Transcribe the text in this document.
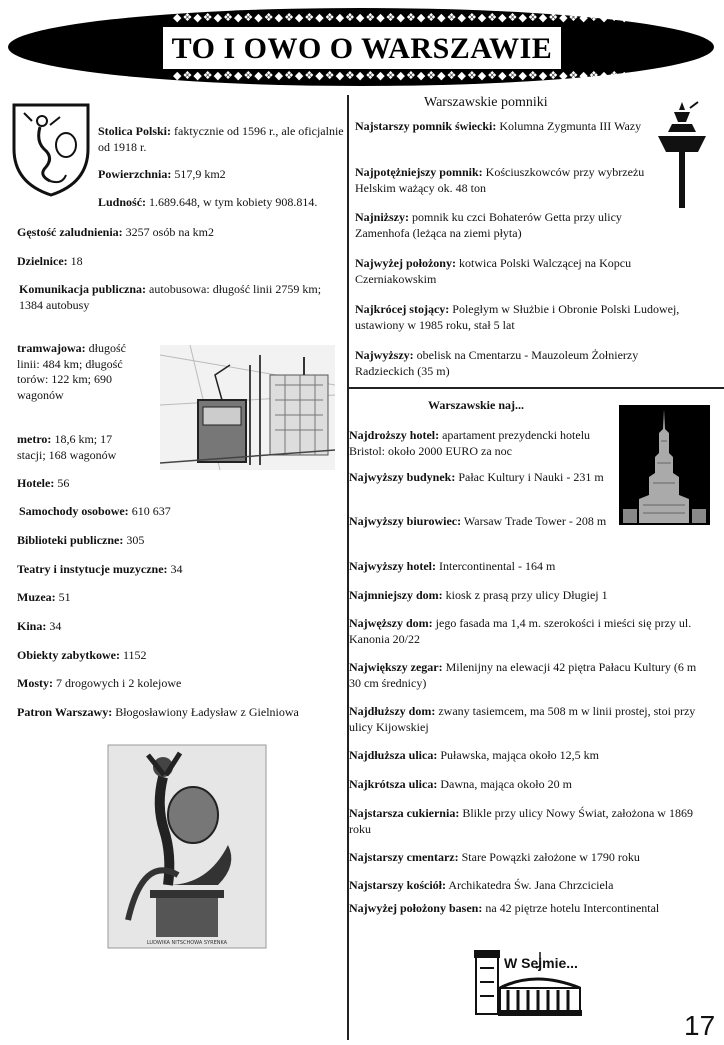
◆❖◆❖◆❖◆❖◆❖◆❖◆❖◆❖◆❖◆❖◆❖◆❖◆❖◆❖◆❖◆❖◆❖◆❖◆❖◆❖◆❖◆❖◆
◆❖◆❖◆❖◆❖◆❖◆❖◆❖◆❖◆❖◆❖◆❖◆❖◆❖◆❖◆❖◆❖◆❖◆❖◆❖◆❖◆❖◆❖◆
TO I OWO O WARSZAWIE

Stolica Polski: faktycznie od 1596 r., ale oficjalnie od 1918 r.

Powierzchnia: 517,9 km2

Ludność: 1.689.648, w tym kobiety 908.814.

Gęstość zaludnienia: 3257 osób na km2

Dzielnice: 18

Komunikacja publiczna: autobusowa: długość linii 2759 km; 1384 autobusy

tramwajowa: długość linii: 484 km; długość torów: 122 km; 690 wagonów

metro: 18,6 km; 17 stacji; 168 wagonów

Hotele: 56

Samochody osobowe: 610 637

Biblioteki publiczne: 305

Teatry i instytucje muzyczne: 34

Muzea: 51

Kina: 34

Obiekty zabytkowe: 1152

Mosty: 7 drogowych i 2 kolejowe

Patron Warszawy: Błogosławiony Ładysław z Gielniowa

LUDWIKA NITSCHOWA SYRENKA
Warszawskie pomniki

Najstarszy pomnik świecki: Kolumna Zygmunta III Wazy

Najpotężniejszy pomnik: Kościuszkowców przy wybrzeżu Helskim ważący ok. 48 ton

Najniższy: pomnik ku czci Bohaterów Getta przy ulicy Zamenhofa (leżąca na ziemi płyta)

Najwyżej położony: kotwica Polski Walczącej na Kopcu Czerniakowskim

Najkrócej stojący: Poległym w Służbie i Obronie Polski Ludowej, ustawiony w 1985 roku, stał 5 lat

Najwyższy: obelisk na Cmentarzu - Mauzoleum Żołnierzy Radzieckich (35 m)

Warszawskie naj...

Najdroższy hotel: apartament prezydencki hotelu Bristol: około 2000 EURO za noc

Najwyższy budynek: Pałac Kultury i Nauki - 231 m

Najwyższy biurowiec: Warsaw Trade Tower - 208 m

Najwyższy hotel: Intercontinental - 164 m

Najmniejszy dom: kiosk z prasą przy ulicy Długiej 1

Najwęższy dom: jego fasada ma 1,4 m. szerokości i mieści się przy ul. Kanonia 20/22

Największy zegar: Milenijny na elewacji 42 piętra Pałacu Kultury (6 m 30 cm średnicy)

Najdłuższy dom: zwany tasiemcem, ma 508 m w linii prostej, stoi przy ulicy Kijowskiej

Najdłuższa ulica: Puławska, mająca około 12,5 km

Najkrótsza ulica: Dawna, mająca około 20 m

Najstarsza cukiernia: Blikle przy ulicy Nowy Świat, założona w 1869 roku

Najstarszy cmentarz: Stare Powązki założone w 1790 roku

Najstarszy kościół: Archikatedra Św. Jana Chrzciciela

Najwyżej położony basen: na 42 piętrze hotelu Intercontinental

W Sejmie...
17
